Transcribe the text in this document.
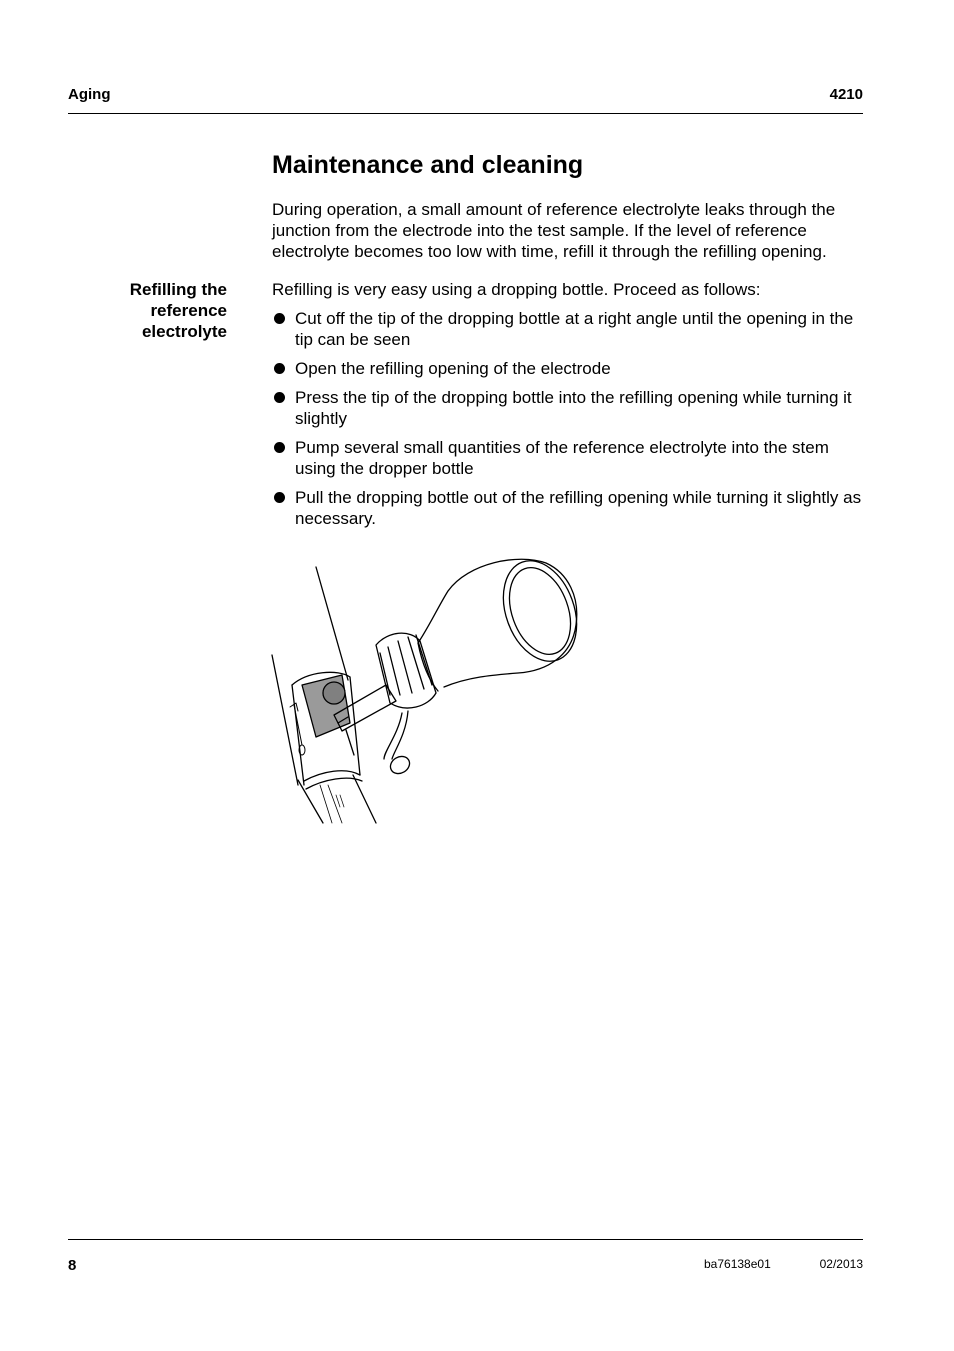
Aging	4210
Maintenance and cleaning

During operation, a small amount of reference electrolyte leaks through the junction from the electrode into the test sample. If the level of reference electrolyte becomes too low with time, refill it through the refilling opening.

Refilling the
reference
electrolyte

Refilling is very easy using a dropping bottle. Proceed as follows:

Cut off the tip of the dropping bottle at a right angle until the opening in the tip can be seen
Open the refilling opening of the electrode
Press the tip of the dropping bottle into the refilling opening while turning it slightly
Pump several small quantities of the reference electrolyte into the stem using the dropper bottle
Pull the dropping bottle out of the refilling opening while turning it slightly as necessary.
8	ba76138e01	02/2013
